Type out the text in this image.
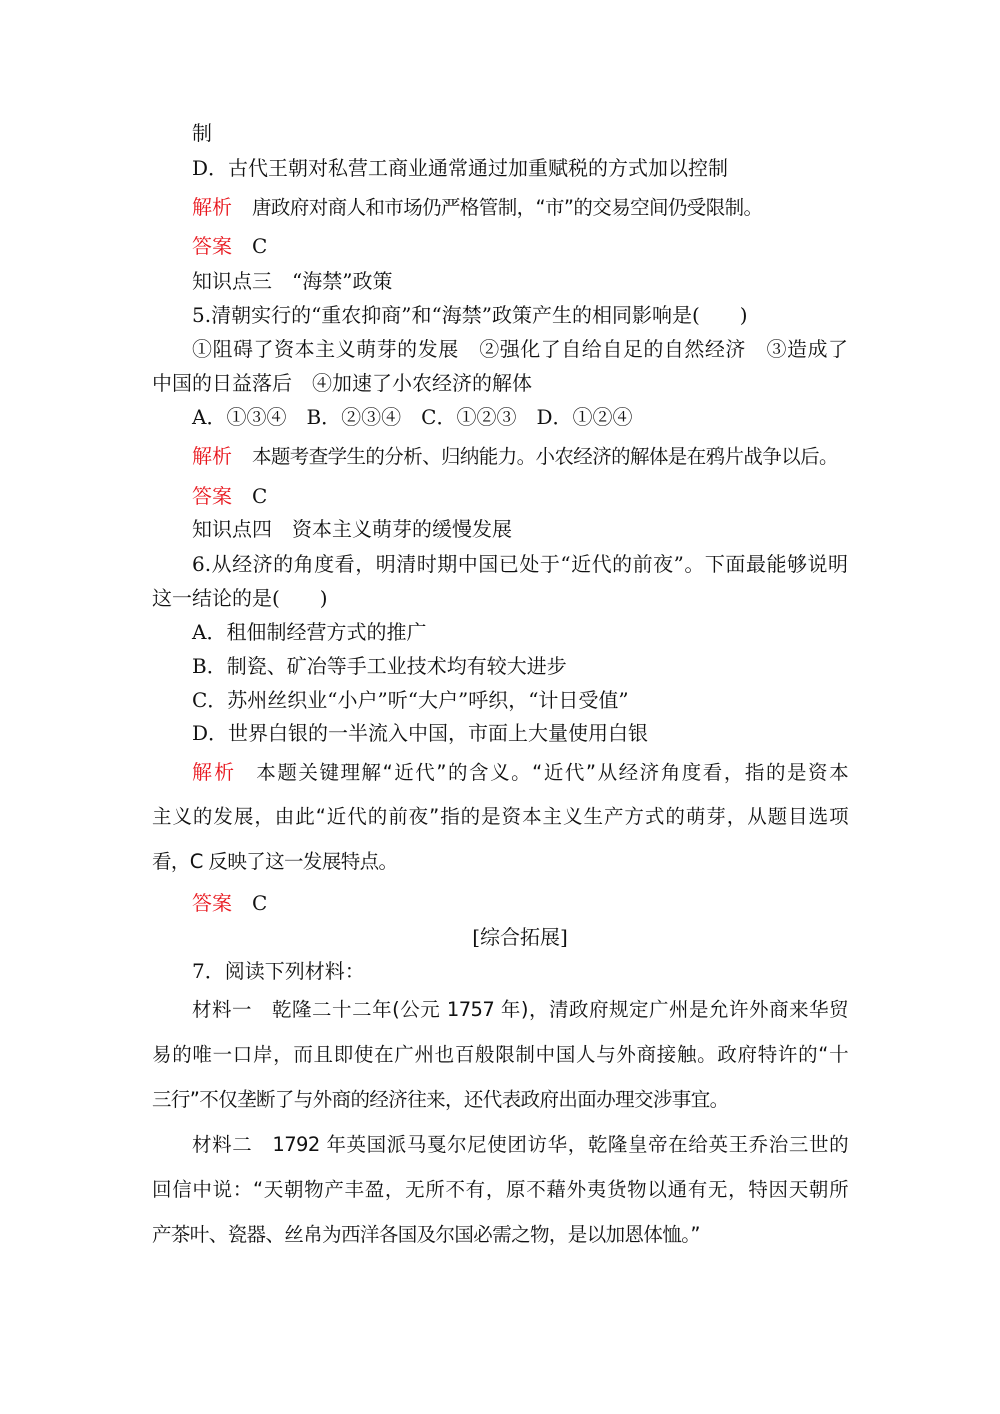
制
D．古代王朝对私营工商业通常通过加重赋税的方式加以控制
解析 唐政府对商人和市场仍严格管制，“市”的交易空间仍受限制。
答案 C
知识点三　“海禁”政策
5.清朝实行的“重农抑商”和“海禁”政策产生的相同影响是(　　)
①阻碍了资本主义萌芽的发展　②强化了自给自足的自然经济　③造成了
中国的日益落后　④加速了小农经济的解体
A．①③④　B．②③④　C．①②③　D．①②④
解析 本题考查学生的分析、归纳能力。小农经济的解体是在鸦片战争以后。
答案 C
知识点四　资本主义萌芽的缓慢发展
6.从经济的角度看，明清时期中国已处于“近代的前夜”。下面最能够说明
这一结论的是(　　)
A．租佃制经营方式的推广
B．制瓷、矿冶等手工业技术均有较大进步
C．苏州丝织业“小户”听“大户”呼织，“计日受值”
D．世界白银的一半流入中国，市面上大量使用白银
解析 本题关键理解“近代”的含义。“近代”从经济角度看，指的是资本
主义的发展，由此“近代的前夜”指的是资本主义生产方式的萌芽，从题目选项
看，C 反映了这一发展特点。
答案 C
[综合拓展]
7．阅读下列材料：
材料一　乾隆二十二年(公元 1757 年)，清政府规定广州是允许外商来华贸
易的唯一口岸，而且即使在广州也百般限制中国人与外商接触。政府特许的“十
三行”不仅垄断了与外商的经济往来，还代表政府出面办理交涉事宜。
材料二　1792 年英国派马戛尔尼使团访华，乾隆皇帝在给英王乔治三世的
回信中说：“天朝物产丰盈，无所不有，原不藉外夷货物以通有无，特因天朝所
产茶叶、瓷器、丝帛为西洋各国及尔国必需之物，是以加恩体恤。”
